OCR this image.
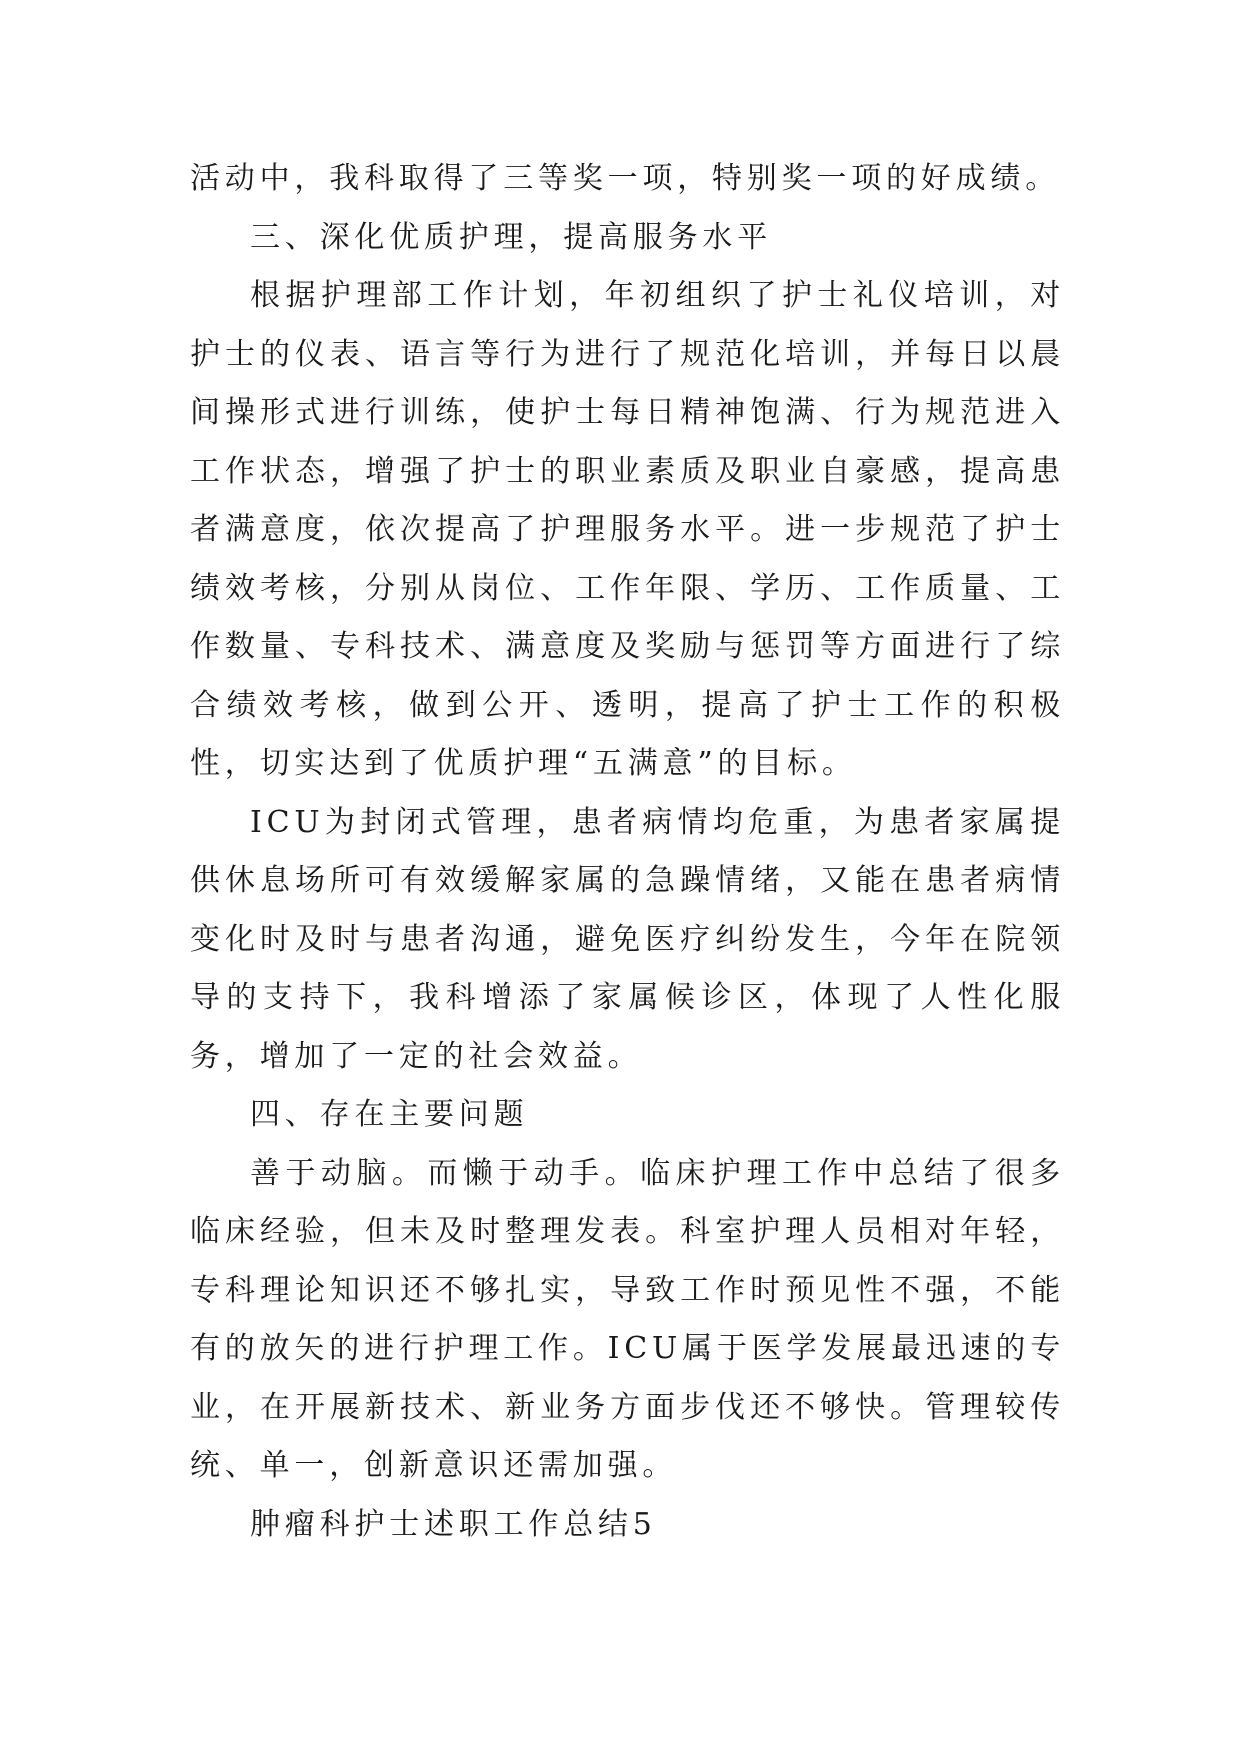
活动中，我科取得了三等奖一项，特别奖一项的好成绩。

三、深化优质护理，提高服务水平

根据护理部工作计划，年初组织了护士礼仪培训，对护士的仪表、语言等行为进行了规范化培训，并每日以晨间操形式进行训练，使护士每日精神饱满、行为规范进入工作状态，增强了护士的职业素质及职业自豪感，提高患者满意度，依次提高了护理服务水平。进一步规范了护士绩效考核，分别从岗位、工作年限、学历、工作质量、工作数量、专科技术、满意度及奖励与惩罚等方面进行了综合绩效考核，做到公开、透明，提高了护士工作的积极性，切实达到了优质护理“五满意”的目标。

ICU为封闭式管理，患者病情均危重，为患者家属提供休息场所可有效缓解家属的急躁情绪，又能在患者病情变化时及时与患者沟通，避免医疗纠纷发生，今年在院领导的支持下，我科增添了家属候诊区，体现了人性化服务，增加了一定的社会效益。

四、存在主要问题

善于动脑。而懒于动手。临床护理工作中总结了很多临床经验，但未及时整理发表。科室护理人员相对年轻，专科理论知识还不够扎实，导致工作时预见性不强，不能有的放矢的进行护理工作。ICU属于医学发展最迅速的专业，在开展新技术、新业务方面步伐还不够快。管理较传统、单一，创新意识还需加强。

肿瘤科护士述职工作总结5
